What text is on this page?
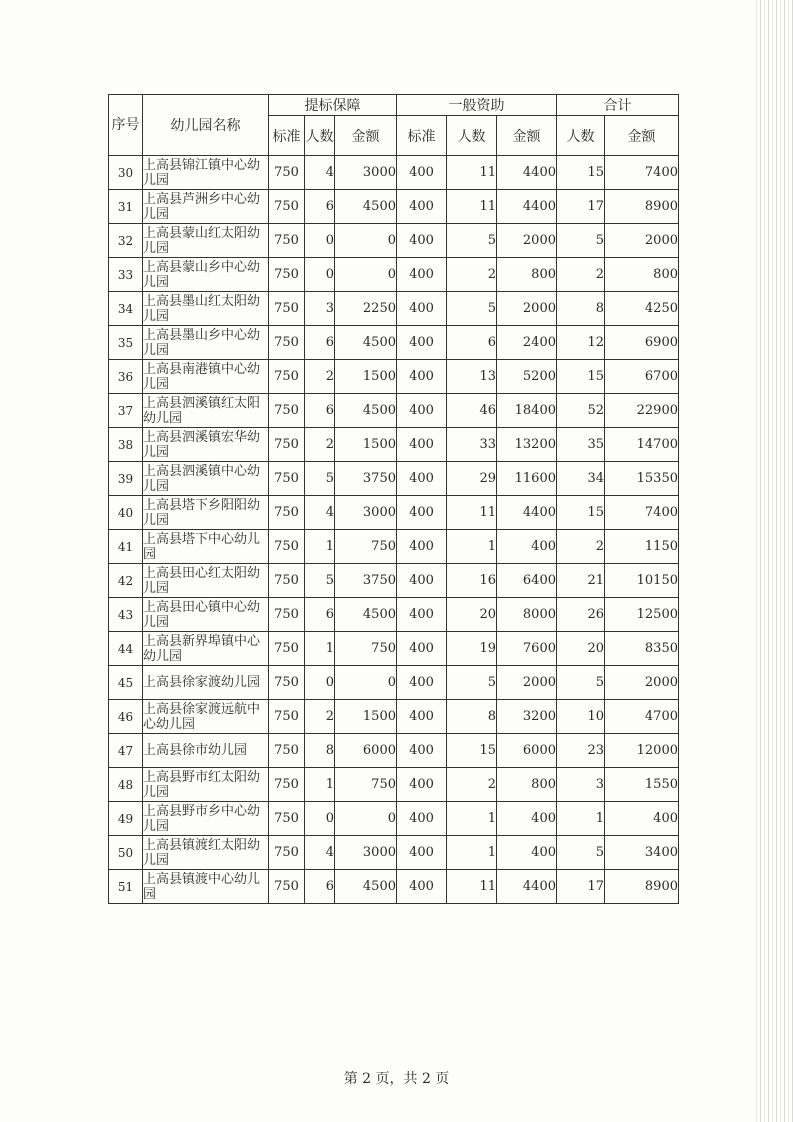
序号	幼儿园名称	提标保障			一般资助			合计	
		标准	人数	金额	标准	人数	金额	人数	金额
30	上高县锦江镇中心幼儿园	750	4	3000	400	11	4400	15	7400
31	上高县芦洲乡中心幼儿园	750	6	4500	400	11	4400	17	8900
32	上高县蒙山红太阳幼儿园	750	0	0	400	5	2000	5	2000
33	上高县蒙山乡中心幼儿园	750	0	0	400	2	800	2	800
34	上高县墨山红太阳幼儿园	750	3	2250	400	5	2000	8	4250
35	上高县墨山乡中心幼儿园	750	6	4500	400	6	2400	12	6900
36	上高县南港镇中心幼儿园	750	2	1500	400	13	5200	15	6700
37	上高县泗溪镇红太阳幼儿园	750	6	4500	400	46	18400	52	22900
38	上高县泗溪镇宏华幼儿园	750	2	1500	400	33	13200	35	14700
39	上高县泗溪镇中心幼儿园	750	5	3750	400	29	11600	34	15350
40	上高县塔下乡阳阳幼儿园	750	4	3000	400	11	4400	15	7400
41	上高县塔下中心幼儿园	750	1	750	400	1	400	2	1150
42	上高县田心红太阳幼儿园	750	5	3750	400	16	6400	21	10150
43	上高县田心镇中心幼儿园	750	6	4500	400	20	8000	26	12500
44	上高县新界埠镇中心幼儿园	750	1	750	400	19	7600	20	8350
45	上高县徐家渡幼儿园	750	0	0	400	5	2000	5	2000
46	上高县徐家渡远航中心幼儿园	750	2	1500	400	8	3200	10	4700
47	上高县徐市幼儿园	750	8	6000	400	15	6000	23	12000
48	上高县野市红太阳幼儿园	750	1	750	400	2	800	3	1550
49	上高县野市乡中心幼儿园	750	0	0	400	1	400	1	400
50	上高县镇渡红太阳幼儿园	750	4	3000	400	1	400	5	3400
51	上高县镇渡中心幼儿园	750	6	4500	400	11	4400	17	8900
第 2 页，共 2 页
